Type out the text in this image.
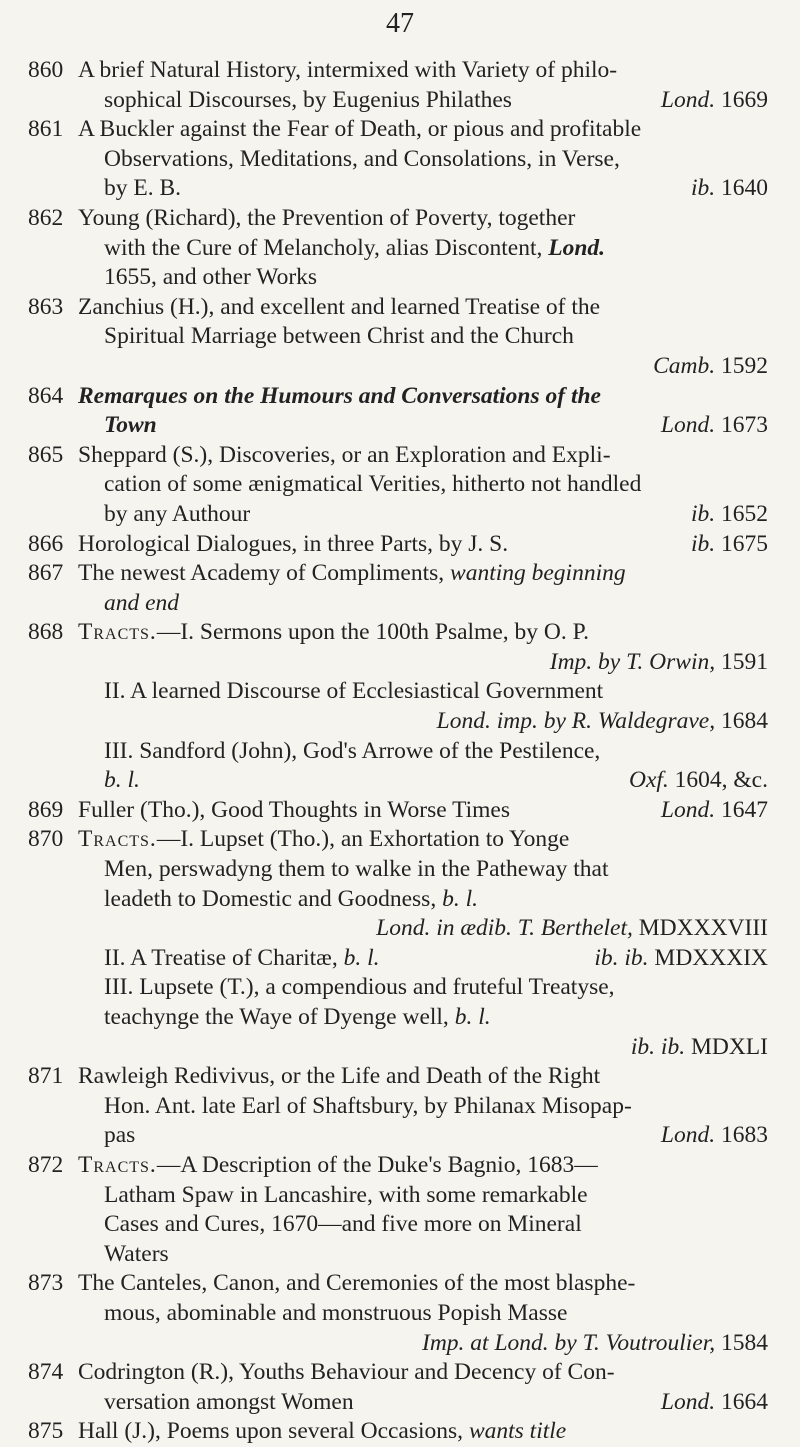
47
860 A brief Natural History, intermixed with Variety of philo-
sophical Discourses, by Eugenius Philathes	Lond. 1669
861 A Buckler against the Fear of Death, or pious and profitable
Observations, Meditations, and Consolations, in Verse,
by E. B.	ib. 1640
862 Young (Richard), the Prevention of Poverty, together
with the Cure of Melancholy, alias Discontent, Lond.
1655, and other Works
863 Zanchius (H.), and excellent and learned Treatise of the
Spiritual Marriage between Christ and the Church
Camb. 1592
864 Remarques on the Humours and Conversations of the
Town	Lond. 1673
865 Sheppard (S.), Discoveries, or an Exploration and Expli-
cation of some ænigmatical Verities, hitherto not handled
by any Authour	ib. 1652
866 Horological Dialogues, in three Parts, by J. S.	ib. 1675
867 The newest Academy of Compliments, wanting beginning
and end
868 Tracts.—I. Sermons upon the 100th Psalme, by O. P.
Imp. by T. Orwin, 1591
II. A learned Discourse of Ecclesiastical Government
Lond. imp. by R. Waldegrave, 1684
III. Sandford (John), God's Arrowe of the Pestilence,
b. l.	Oxf. 1604, &c.
869 Fuller (Tho.), Good Thoughts in Worse Times	Lond. 1647
870 Tracts.—I. Lupset (Tho.), an Exhortation to Yonge
Men, perswadyng them to walke in the Patheway that
leadeth to Domestic and Goodness, b. l.
Lond. in ædib. T. Berthelet, MDXXXVIII
II. A Treatise of Charitæ, b. l.	ib. ib. MDXXXIX
III. Lupsete (T.), a compendious and fruteful Treatyse,
teachynge the Waye of Dyenge well, b. l.
ib. ib. MDXLI
871 Rawleigh Redivivus, or the Life and Death of the Right
Hon. Ant. late Earl of Shaftsbury, by Philanax Misopap-
pas	Lond. 1683
872 Tracts.—A Description of the Duke's Bagnio, 1683—
Latham Spaw in Lancashire, with some remarkable
Cases and Cures, 1670—and five more on Mineral
Waters
873 The Canteles, Canon, and Ceremonies of the most blasphe-
mous, abominable and monstruous Popish Masse
Imp. at Lond. by T. Voutroulier, 1584
874 Codrington (R.), Youths Behaviour and Decency of Con-
versation amongst Women	Lond. 1664
875 Hall (J.), Poems upon several Occasions, wants title
